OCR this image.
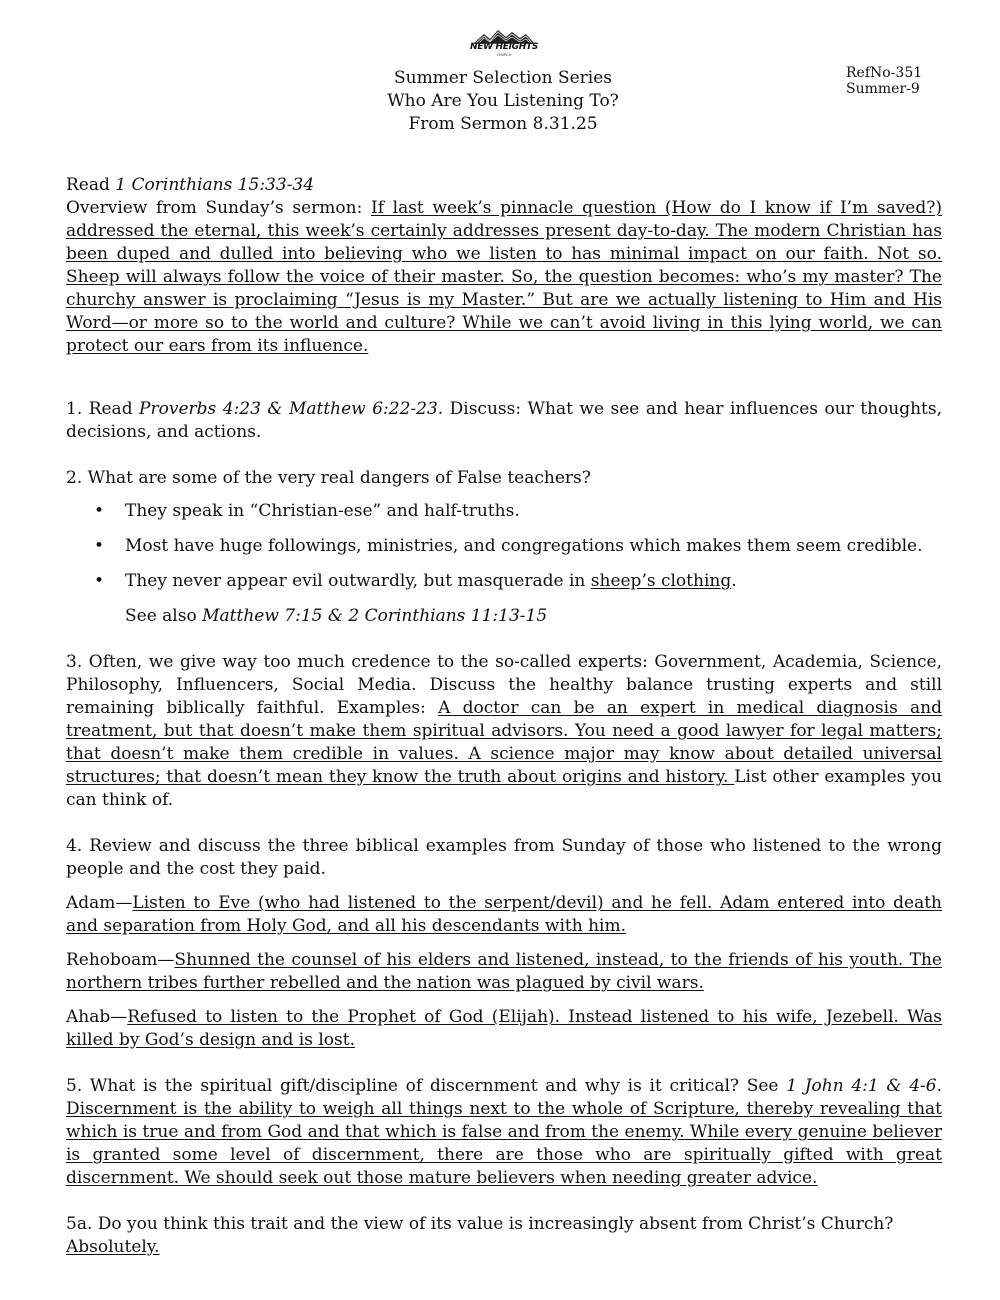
NEW HEIGHTS
CHURCH
Summer Selection Series
Who Are You Listening To?
From Sermon 8.31.25
RefNo-351
Summer-9

Read 1 Corinthians 15:33-34

Overview from Sunday’s sermon: If last week’s pinnacle question (How do I know if I’m saved?) addressed the eternal, this week’s certainly addresses present day-to-day. The modern Christian has been duped and dulled into believing who we listen to has minimal impact on our faith. Not so. Sheep will always follow the voice of their master. So, the question becomes: who’s my master? The churchy answer is proclaiming “Jesus is my Master.” But are we actually listening to Him and His Word—or more so to the world and culture? While we can’t avoid living in this lying world, we can protect our ears from its influence.

1. Read Proverbs 4:23 & Matthew 6:22-23. Discuss: What we see and hear influences our thoughts, decisions, and actions.

2. What are some of the very real dangers of False teachers?

• They speak in “Christian-ese” and half-truths.
• Most have huge followings, ministries, and congregations which makes them seem credible.
• They never appear evil outwardly, but masquerade in sheep’s clothing.

See also Matthew 7:15 & 2 Corinthians 11:13-15

3. Often, we give way too much credence to the so-called experts: Government, Academia, Science, Philosophy, Influencers, Social Media. Discuss the healthy balance trusting experts and still remaining biblically faithful. Examples: A doctor can be an expert in medical diagnosis and treatment, but that doesn’t make them spiritual advisors. You need a good lawyer for legal matters; that doesn’t make them credible in values. A science major may know about detailed universal structures; that doesn’t mean they know the truth about origins and history. List other examples you can think of.

4. Review and discuss the three biblical examples from Sunday of those who listened to the wrong people and the cost they paid.

Adam—Listen to Eve (who had listened to the serpent/devil) and he fell. Adam entered into death and separation from Holy God, and all his descendants with him.

Rehoboam—Shunned the counsel of his elders and listened, instead, to the friends of his youth. The northern tribes further rebelled and the nation was plagued by civil wars.

Ahab—Refused to listen to the Prophet of God (Elijah). Instead listened to his wife, Jezebell. Was killed by God’s design and is lost.

5. What is the spiritual gift/discipline of discernment and why is it critical? See 1 John 4:1 & 4-6. Discernment is the ability to weigh all things next to the whole of Scripture, thereby revealing that which is true and from God and that which is false and from the enemy. While every genuine believer is granted some level of discernment, there are those who are spiritually gifted with great discernment. We should seek out those mature believers when needing greater advice.

5a. Do you think this trait and the view of its value is increasingly absent from Christ’s Church?  Absolutely.
